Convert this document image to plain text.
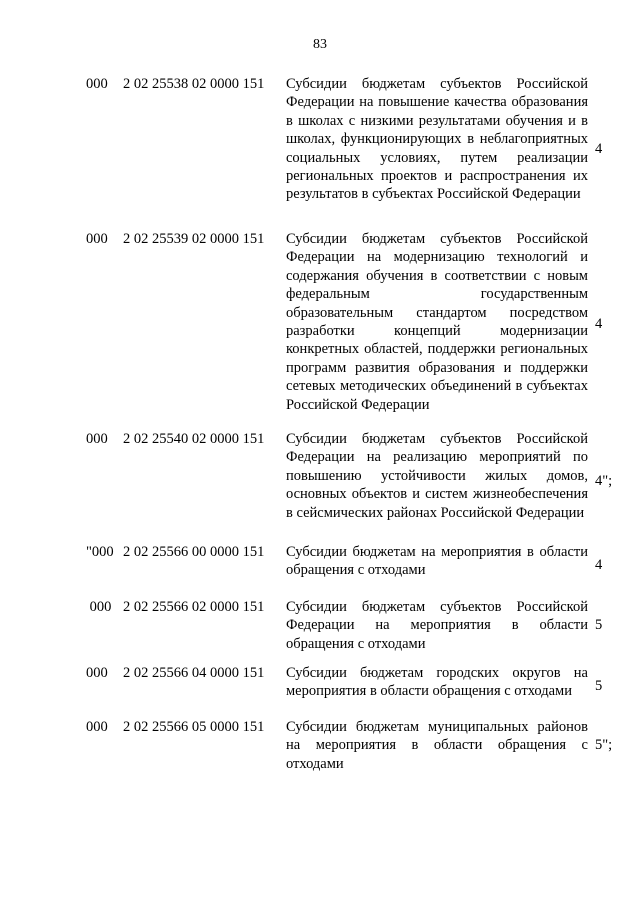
83
000 2 02 25538 02 0000 151 Субсидии бюджетам субъектов Российской Федерации на повышение качества образования в школах с низкими результатами обучения и в школах, функционирующих в неблагоприятных социальных условиях, путем реализации региональных проектов и распространения их результатов в субъектах Российской Федерации
4
000 2 02 25539 02 0000 151 Субсидии бюджетам субъектов Российской Федерации на модернизацию технологий и содержания обучения в соответствии с новым федеральным государственным образовательным стандартом посредством разработки концепций модернизации конкретных областей, поддержки региональных программ развития образования и поддержки сетевых методических объединений в субъектах Российской Федерации
4
000 2 02 25540 02 0000 151 Субсидии бюджетам субъектов Российской Федерации на реализацию мероприятий по повышению устойчивости жилых домов, основных объектов и систем жизнеобеспечения в сейсмических районах Российской Федерации
4";
"000 2 02 25566 00 0000 151 Субсидии бюджетам на мероприятия в области обращения с отходами	4
000 2 02 25566 02 0000 151 Субсидии бюджетам субъектов Российской Федерации на мероприятия в области обращения с отходами
5
000 2 02 25566 04 0000 151 Субсидии бюджетам городских округов на мероприятия в области обращения с отходами	5
000 2 02 25566 05 0000 151 Субсидии бюджетам муниципальных районов на мероприятия в области обращения с отходами
5";
